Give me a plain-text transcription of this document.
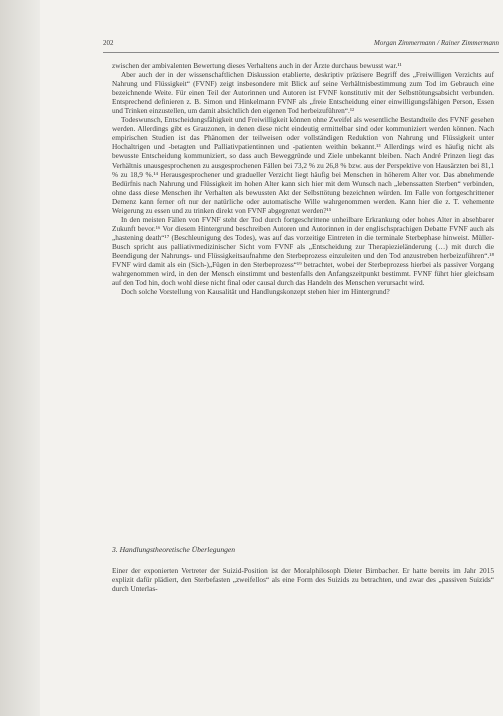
202	Morgan Zimmermann / Rainer Zimmermann

zwischen der ambivalenten Bewertung dieses Verhaltens auch in der Ärzte durchaus bewusst war.¹¹

Aber auch der in der wissenschaftlichen Diskussion etablierte, deskriptiv präzisere Begriff des „Freiwilligen Verzichts auf Nahrung und Flüssigkeit“ (FVNF) zeigt insbesondere mit Blick auf seine Verhältnisbestimmung zum Tod im Gebrauch eine bezeichnende Weite. Für einen Teil der Autorinnen und Autoren ist FVNF konstitutiv mit der Selbsttötungsabsicht verbunden. Entsprechend definieren z. B. Simon und Hinkelmann FVNF als „freie Entscheidung einer einwilligungsfähigen Person, Essen und Trinken einzustellen, um damit absichtlich den eigenen Tod herbeizuführen“.¹²

Todeswunsch, Entscheidungsfähigkeit und Freiwilligkeit können ohne Zweifel als wesentliche Bestandteile des FVNF gesehen werden. Allerdings gibt es Grauzonen, in denen diese nicht eindeutig ermittelbar sind oder kommuniziert werden können. Nach empirischen Studien ist das Phänomen der teilweisen oder vollständigen Reduktion von Nahrung und Flüssigkeit unter Hochaltrigen und -betagten und Palliativpatientinnen und -patienten weithin bekannt.¹³ Allerdings wird es häufig nicht als bewusste Entscheidung kommuniziert, so dass auch Beweggründe und Ziele unbekannt bleiben. Nach André Prinzen liegt das Verhältnis unausgesprochenen zu ausgesprochenen Fällen bei 73,2 % zu 26,8 % bzw. aus der Perspektive von Hausärzten bei 81,1 % zu 18,9 %.¹⁴ Herausgesprochener und gradueller Verzicht liegt häufig bei Menschen in höherem Alter vor. Das abnehmende Bedürfnis nach Nahrung und Flüssigkeit im hohen Alter kann sich hier mit dem Wunsch nach „lebenssatten Sterben“ verbinden, ohne dass diese Menschen ihr Verhalten als bewussten Akt der Selbsttötung bezeichnen würden. Im Falle von fortgeschrittener Demenz kann ferner oft nur der natürliche oder automatische Wille wahrgenommen werden. Kann hier die z. T. vehemente Weigerung zu essen und zu trinken direkt von FVNF abgegrenzt werden?¹⁵

In den meisten Fällen von FVNF steht der Tod durch fortgeschrittene unheilbare Erkrankung oder hohes Alter in absehbarer Zukunft bevor.¹⁶ Vor diesem Hintergrund beschreiben Autoren und Autorinnen in der englischsprachigen Debatte FVNF auch als „hastening death“¹⁷ (Beschleunigung des Todes), was auf das vorzeitige Eintreten in die terminale Sterbephase hinweist. Müller-Busch spricht aus palliativmedizinischer Sicht vom FVNF als „Entscheidung zur Therapiezieländerung (…) mit durch die Beendigung der Nahrungs- und Flüssigkeitsaufnahme den Sterbeprozess einzuleiten und den Tod anzustreben herbeizuführen“.¹⁸ FVNF wird damit als ein (Sich-)„Fügen in den Sterbeprozess“¹⁹ betrachtet, wobei der Sterbeprozess hierbei als passiver Vorgang wahrgenommen wird, in den der Mensch einstimmt und bestenfalls den Anfangszeitpunkt bestimmt. FVNF führt hier gleichsam auf den Tod hin, doch wohl diese nicht final oder causal durch das Handeln des Menschen verursacht wird.

Doch solche Vorstellung von Kausalität und Handlungskonzept stehen hier im Hintergrund?

3. Handlungstheoretische Überlegungen

Einer der exponierten Vertreter der Suizid-Position ist der Moralphilosoph Dieter Birnbacher. Er hatte bereits im Jahr 2015 explizit dafür plädiert, den Sterbefasten „zweifellos“ als eine Form des Suizids zu betrachten, und zwar des „passiven Suizids“ durch Unterlas-
